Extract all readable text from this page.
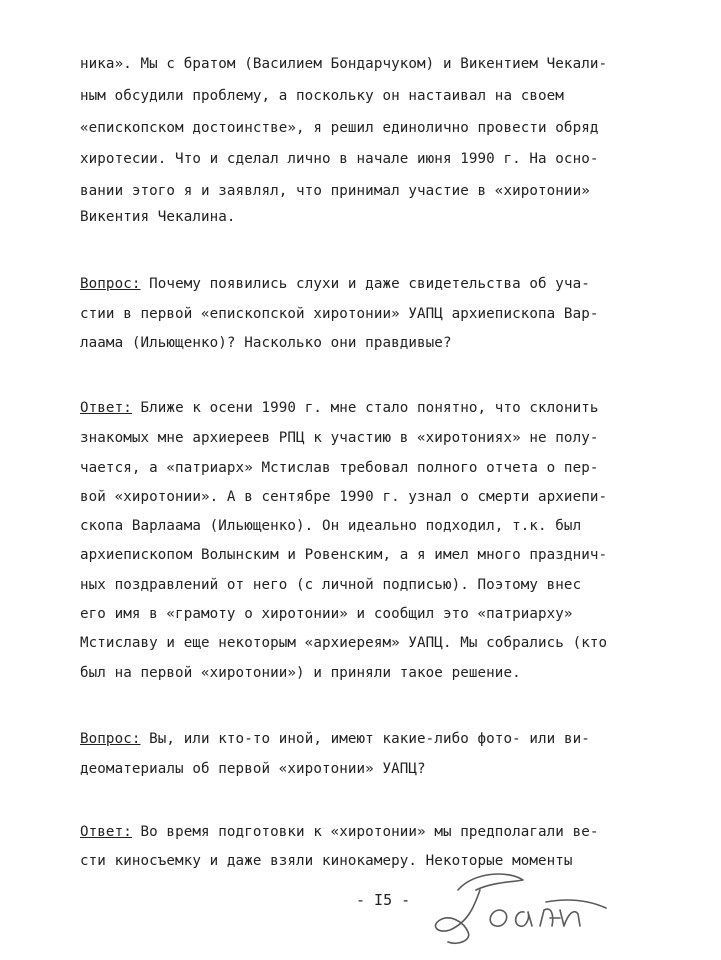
ника». Мы с братом (Василием Бондарчуком) и Викентием Чекали-
ным обсудили проблему, а поскольку он настаивал на своем
«епископском достоинстве», я решил единолично провести обряд
хиротесии. Что и сделал лично в начале июня 1990 г. На осно-
вании этого я и заявлял, что принимал участие в «хиротонии»
Викентия Чекалина.
Вопрос: Почему появились слухи и даже свидетельства об уча-
стии в первой «епископской хиротонии» УАПЦ архиепископа Вар-
лаама (Ильющенко)? Насколько они правдивые?
Ответ: Ближе к осени 1990 г. мне стало понятно, что склонить
знакомых мне архиереев РПЦ к участию в «хиротониях» не полу-
чается, а «патриарх» Мстислав требовал полного отчета о пер-
вой «хиротонии». А в сентябре 1990 г. узнал о смерти архиепи-
скопа Варлаама (Ильющенко). Он идеально подходил, т.к. был
архиепископом Волынским и Ровенским, а я имел много празднич-
ных поздравлений от него (с личной подписью). Поэтому внес
его имя в «грамоту о хиротонии» и сообщил это «патриарху»
Мстиславу и еще некоторым «архиереям» УАПЦ. Мы собрались (кто
был на первой «хиротонии») и приняли такое решение.
Вопрос: Вы, или кто-то иной, имеют какие-либо фото- или ви-
деоматериалы об первой «хиротонии» УАПЦ?
Ответ: Во время подготовки к «хиротонии» мы предполагали ве-
сти киносъемку и даже взяли кинокамеру. Некоторые моменты
- I5 -
